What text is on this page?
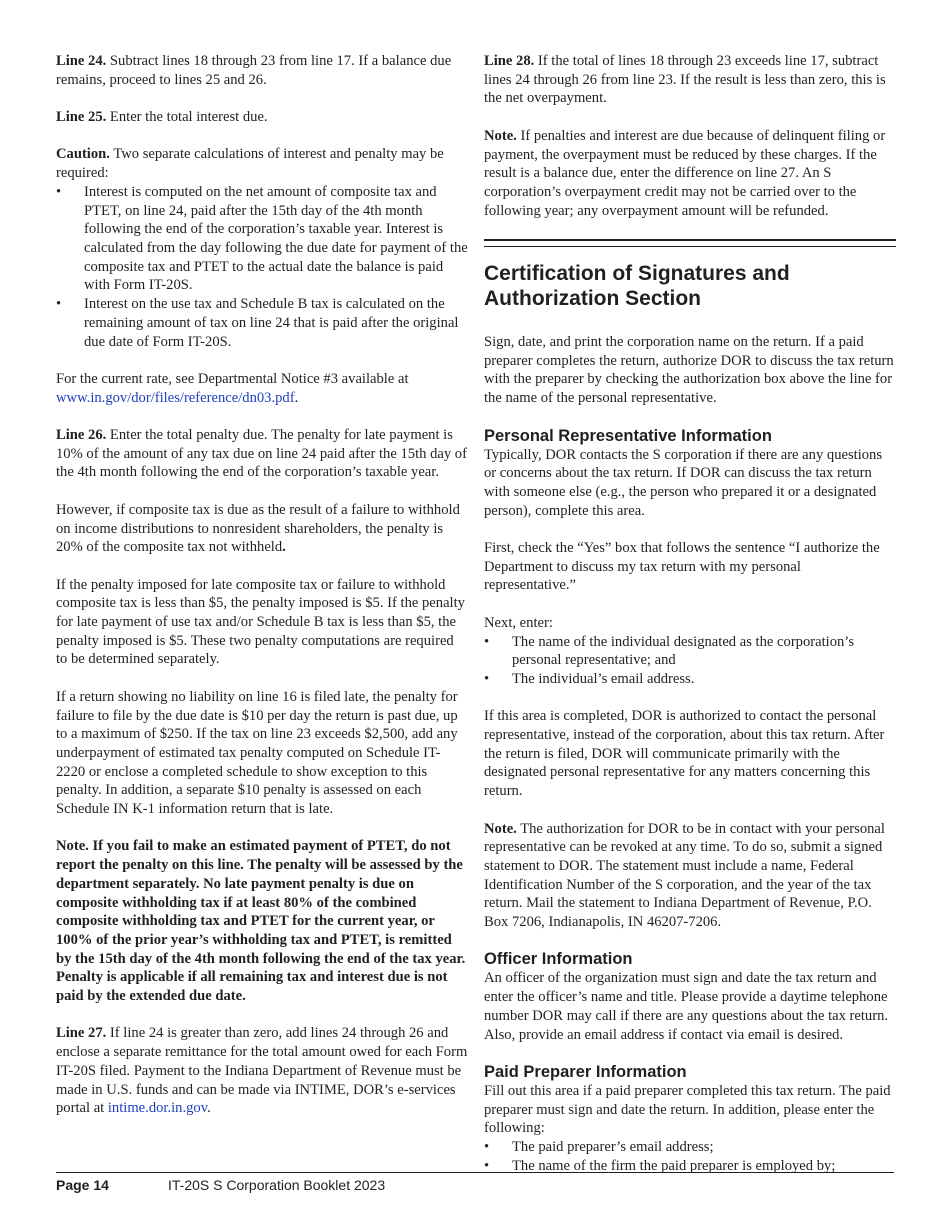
Line 24. Subtract lines 18 through 23 from line 17. If a balance due remains, proceed to lines 25 and 26.

Line 25. Enter the total interest due.

Caution. Two separate calculations of interest and penalty may be required:

• Interest is computed on the net amount of composite tax and PTET, on line 24, paid after the 15th day of the 4th month following the end of the corporation’s taxable year. Interest is calculated from the day following the due date for payment of the composite tax and PTET to the actual date the balance is paid with Form IT-20S.
• Interest on the use tax and Schedule B tax is calculated on the remaining amount of tax on line 24 that is paid after the original due date of Form IT-20S.

For the current rate, see Departmental Notice #3 available at www.in.gov/dor/files/reference/dn03.pdf.

Line 26. Enter the total penalty due. The penalty for late payment is 10% of the amount of any tax due on line 24 paid after the 15th day of the 4th month following the end of the corporation’s taxable year.

However, if composite tax is due as the result of a failure to withhold on income distributions to nonresident shareholders, the penalty is 20% of the composite tax not withheld.

If the penalty imposed for late composite tax or failure to withhold composite tax is less than $5, the penalty imposed is $5. If the penalty for late payment of use tax and/or Schedule B tax is less than $5, the penalty imposed is $5. These two penalty computations are required to be determined separately.

If a return showing no liability on line 16 is filed late, the penalty for failure to file by the due date is $10 per day the return is past due, up to a maximum of $250. If the tax on line 23 exceeds $2,500, add any underpayment of estimated tax penalty computed on Schedule IT-2220 or enclose a completed schedule to show exception to this penalty. In addition, a separate $10 penalty is assessed on each Schedule IN K-1 information return that is late.

Note. If you fail to make an estimated payment of PTET, do not report the penalty on this line. The penalty will be assessed by the department separately. No late payment penalty is due on composite withholding tax if at least 80% of the combined composite withholding tax and PTET for the current year, or 100% of the prior year’s withholding tax and PTET, is remitted by the 15th day of the 4th month following the end of the tax year. Penalty is applicable if all remaining tax and interest due is not paid by the extended due date.

Line 27. If line 24 is greater than zero, add lines 24 through 26 and enclose a separate remittance for the total amount owed for each Form IT-20S filed. Payment to the Indiana Department of Revenue must be made in U.S. funds and can be made via INTIME, DOR’s e-services portal at intime.dor.in.gov.

Line 28. If the total of lines 18 through 23 exceeds line 17, subtract lines 24 through 26 from line 23. If the result is less than zero, this is the net overpayment.

Note. If penalties and interest are due because of delinquent filing or payment, the overpayment must be reduced by these charges. If the result is a balance due, enter the difference on line 27. An S corporation’s overpayment credit may not be carried over to the following year; any overpayment amount will be refunded.

Certification of Signatures and Authorization Section

Sign, date, and print the corporation name on the return. If a paid preparer completes the return, authorize DOR to discuss the tax return with the preparer by checking the authorization box above the line for the name of the personal representative.

Personal Representative Information

Typically, DOR contacts the S corporation if there are any questions or concerns about the tax return. If DOR can discuss the tax return with someone else (e.g., the person who prepared it or a designated person), complete this area.

First, check the “Yes” box that follows the sentence “I authorize the Department to discuss my tax return with my personal representative.”

Next, enter:

• The name of the individual designated as the corporation’s personal representative; and
• The individual’s email address.

If this area is completed, DOR is authorized to contact the personal representative, instead of the corporation, about this tax return. After the return is filed, DOR will communicate primarily with the designated personal representative for any matters concerning this return.

Note. The authorization for DOR to be in contact with your personal representative can be revoked at any time. To do so, submit a signed statement to DOR. The statement must include a name, Federal Identification Number of the S corporation, and the year of the tax return. Mail the statement to Indiana Department of Revenue, P.O. Box 7206, Indianapolis, IN 46207-7206.

Officer Information

An officer of the organization must sign and date the tax return and enter the officer’s name and title. Please provide a daytime telephone number DOR may call if there are any questions about the tax return. Also, provide an email address if contact via email is desired.

Paid Preparer Information

Fill out this area if a paid preparer completed this tax return. The paid preparer must sign and date the return. In addition, please enter the following:

• The paid preparer’s email address;
• The name of the firm the paid preparer is employed by;
Page 14	IT-20S S Corporation Booklet 2023
